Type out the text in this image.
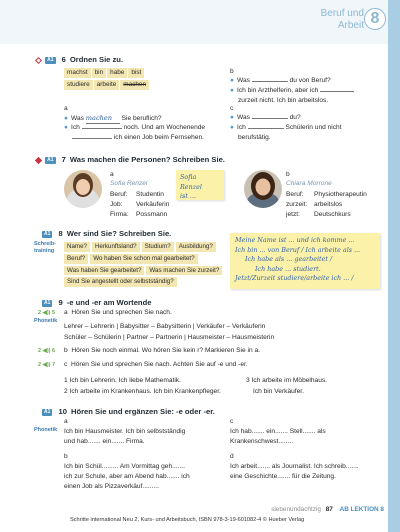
Beruf und
Arbeit 8
A1 6 Ordnen Sie zu.
machst bin habe bist
studiere arbeite machen
a
● Was machen Sie beruflich?
● Ich	noch. Und am Wochenende
ich einen Job beim Fernsehen.
b
● Was	du von Beruf?
● Ich bin Arzthelferin, aber ich
zurzeit nicht. Ich bin arbeitslos.
c
● Was	du?
● Ich	Schülerin und nicht
berufstätig.
A1 7 Was machen die Personen? Schreiben Sie.
a
Sofia Renzel
Beruf: Studentin
Job: Verkäuferin
Firma: Possmann
Sofia Renzel
ist ...
b
Chiara Morrone
Beruf: Physiotherapeutin
zurzeit: arbeitslos
jetzt: Deutschkurs
A1 8 Wer sind Sie? Schreiben Sie.
Schreib-
training
Name? Herkunftsland? Studium? Ausbildung?
Beruf? Wo haben Sie schon mal gearbeitet?
Was haben Sie gearbeitet? Was machen Sie zurzeit?
Sind Sie angestellt oder selbstständig?
Meine Name ist ... und ich komme ...
Ich bin ... von Beruf / Ich arbeite als ...
Ich habe als ... gearbeitet /
Ich habe ... studiert.
Jetzt/Zurzeit studiere/arbeite ich ... /
A1 9 -e und -er am Wortende
2 ◀)) 5
Phonetik
a Hören Sie und sprechen Sie nach.
Lehrer – Lehrerin | Babysitter – Babysitterin | Verkäufer – Verkäuferin
Schüler – Schülerin | Partner – Partnerin | Hausmeister – Hausmeisterin
2 ◀)) 6 b Hören Sie noch einmal. Wo hören Sie kein r? Markieren Sie in a.
2 ◀)) 7 c Hören Sie und sprechen Sie nach. Achten Sie auf -e und -er.
1 Ich bin Lehrerin. Ich liebe Mathematik.
2 Ich arbeite im Krankenhaus. Ich bin Krankenpfleger.
3 Ich arbeite im Möbelhaus.
Ich bin Verkäufer.
A1 10 Hören Sie und ergänzen Sie: -e oder -er.
Phonetik
a
Ich bin Hausmeister. Ich bin selbstständig
und hab....... ein....... Firma.
c
Ich hab....... ein....... Stell....... als
Krankenschwest........
b
Ich bin Schül......... Am Vormittag geh.......
ich zur Schule, aber am Abend hab....... ich
einen Job als Pizzaverkäuf.........
d
Ich arbeit....... als Journalist. Ich schreib.......
eine Geschichte....... für die Zeitung.
siebenundachtzig 87 AB LEKTION 8
Schritte international Neu 2, Kurs- und Arbeitsbuch, ISBN 978-3-19-601082-4 © Hueber Verlag
